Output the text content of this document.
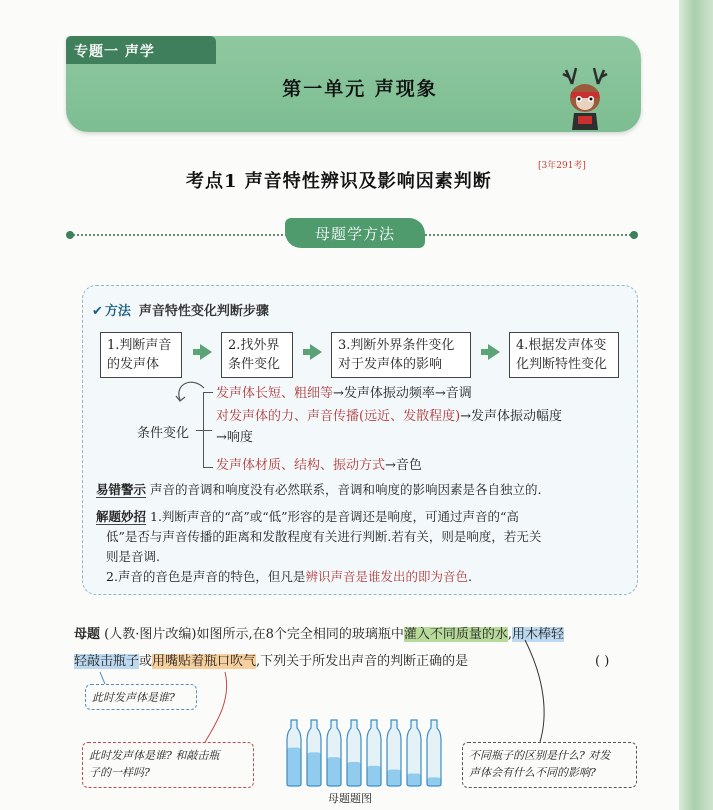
专题一 声学
第一单元 声现象
考点1 声音特性辨识及影响因素判断
[3年291考]
母题学方法
✔ 方法 声音特性变化判断步骤
1.判断声音
的发声体
2.找外界
条件变化
3.判断外界条件变化
对于发声体的影响
4.根据发声体变
化判断特性变化
条件变化
发声体长短、粗细等→发声体振动频率→音调
对发声体的力、声音传播(远近、发散程度)→发声体振动幅度
→响度
发声体材质、结构、振动方式→音色
易错警示 声音的音调和响度没有必然联系，音调和响度的影响因素是各自独立的.
解题妙招 1.判断声音的“高”或“低”形容的是音调还是响度，可通过声音的“高
低”是否与声音传播的距离和发散程度有关进行判断.若有关，则是响度，若无关
则是音调.
2.声音的音色是声音的特色，但凡是辨识声音是谁发出的即为音色.
母题 (人教·图片改编)如图所示,在8个完全相同的玻璃瓶中灌入不同质量的水,用木棒轻
轻敲击瓶子或用嘴贴着瓶口吹气,下列关于所发出声音的判断正确的是	( )
此时发声体是谁?
此时发声体是谁? 和敲击瓶
子的一样吗?
不同瓶子的区别是什么? 对发
声体会有什么不同的影响?
母题题图
